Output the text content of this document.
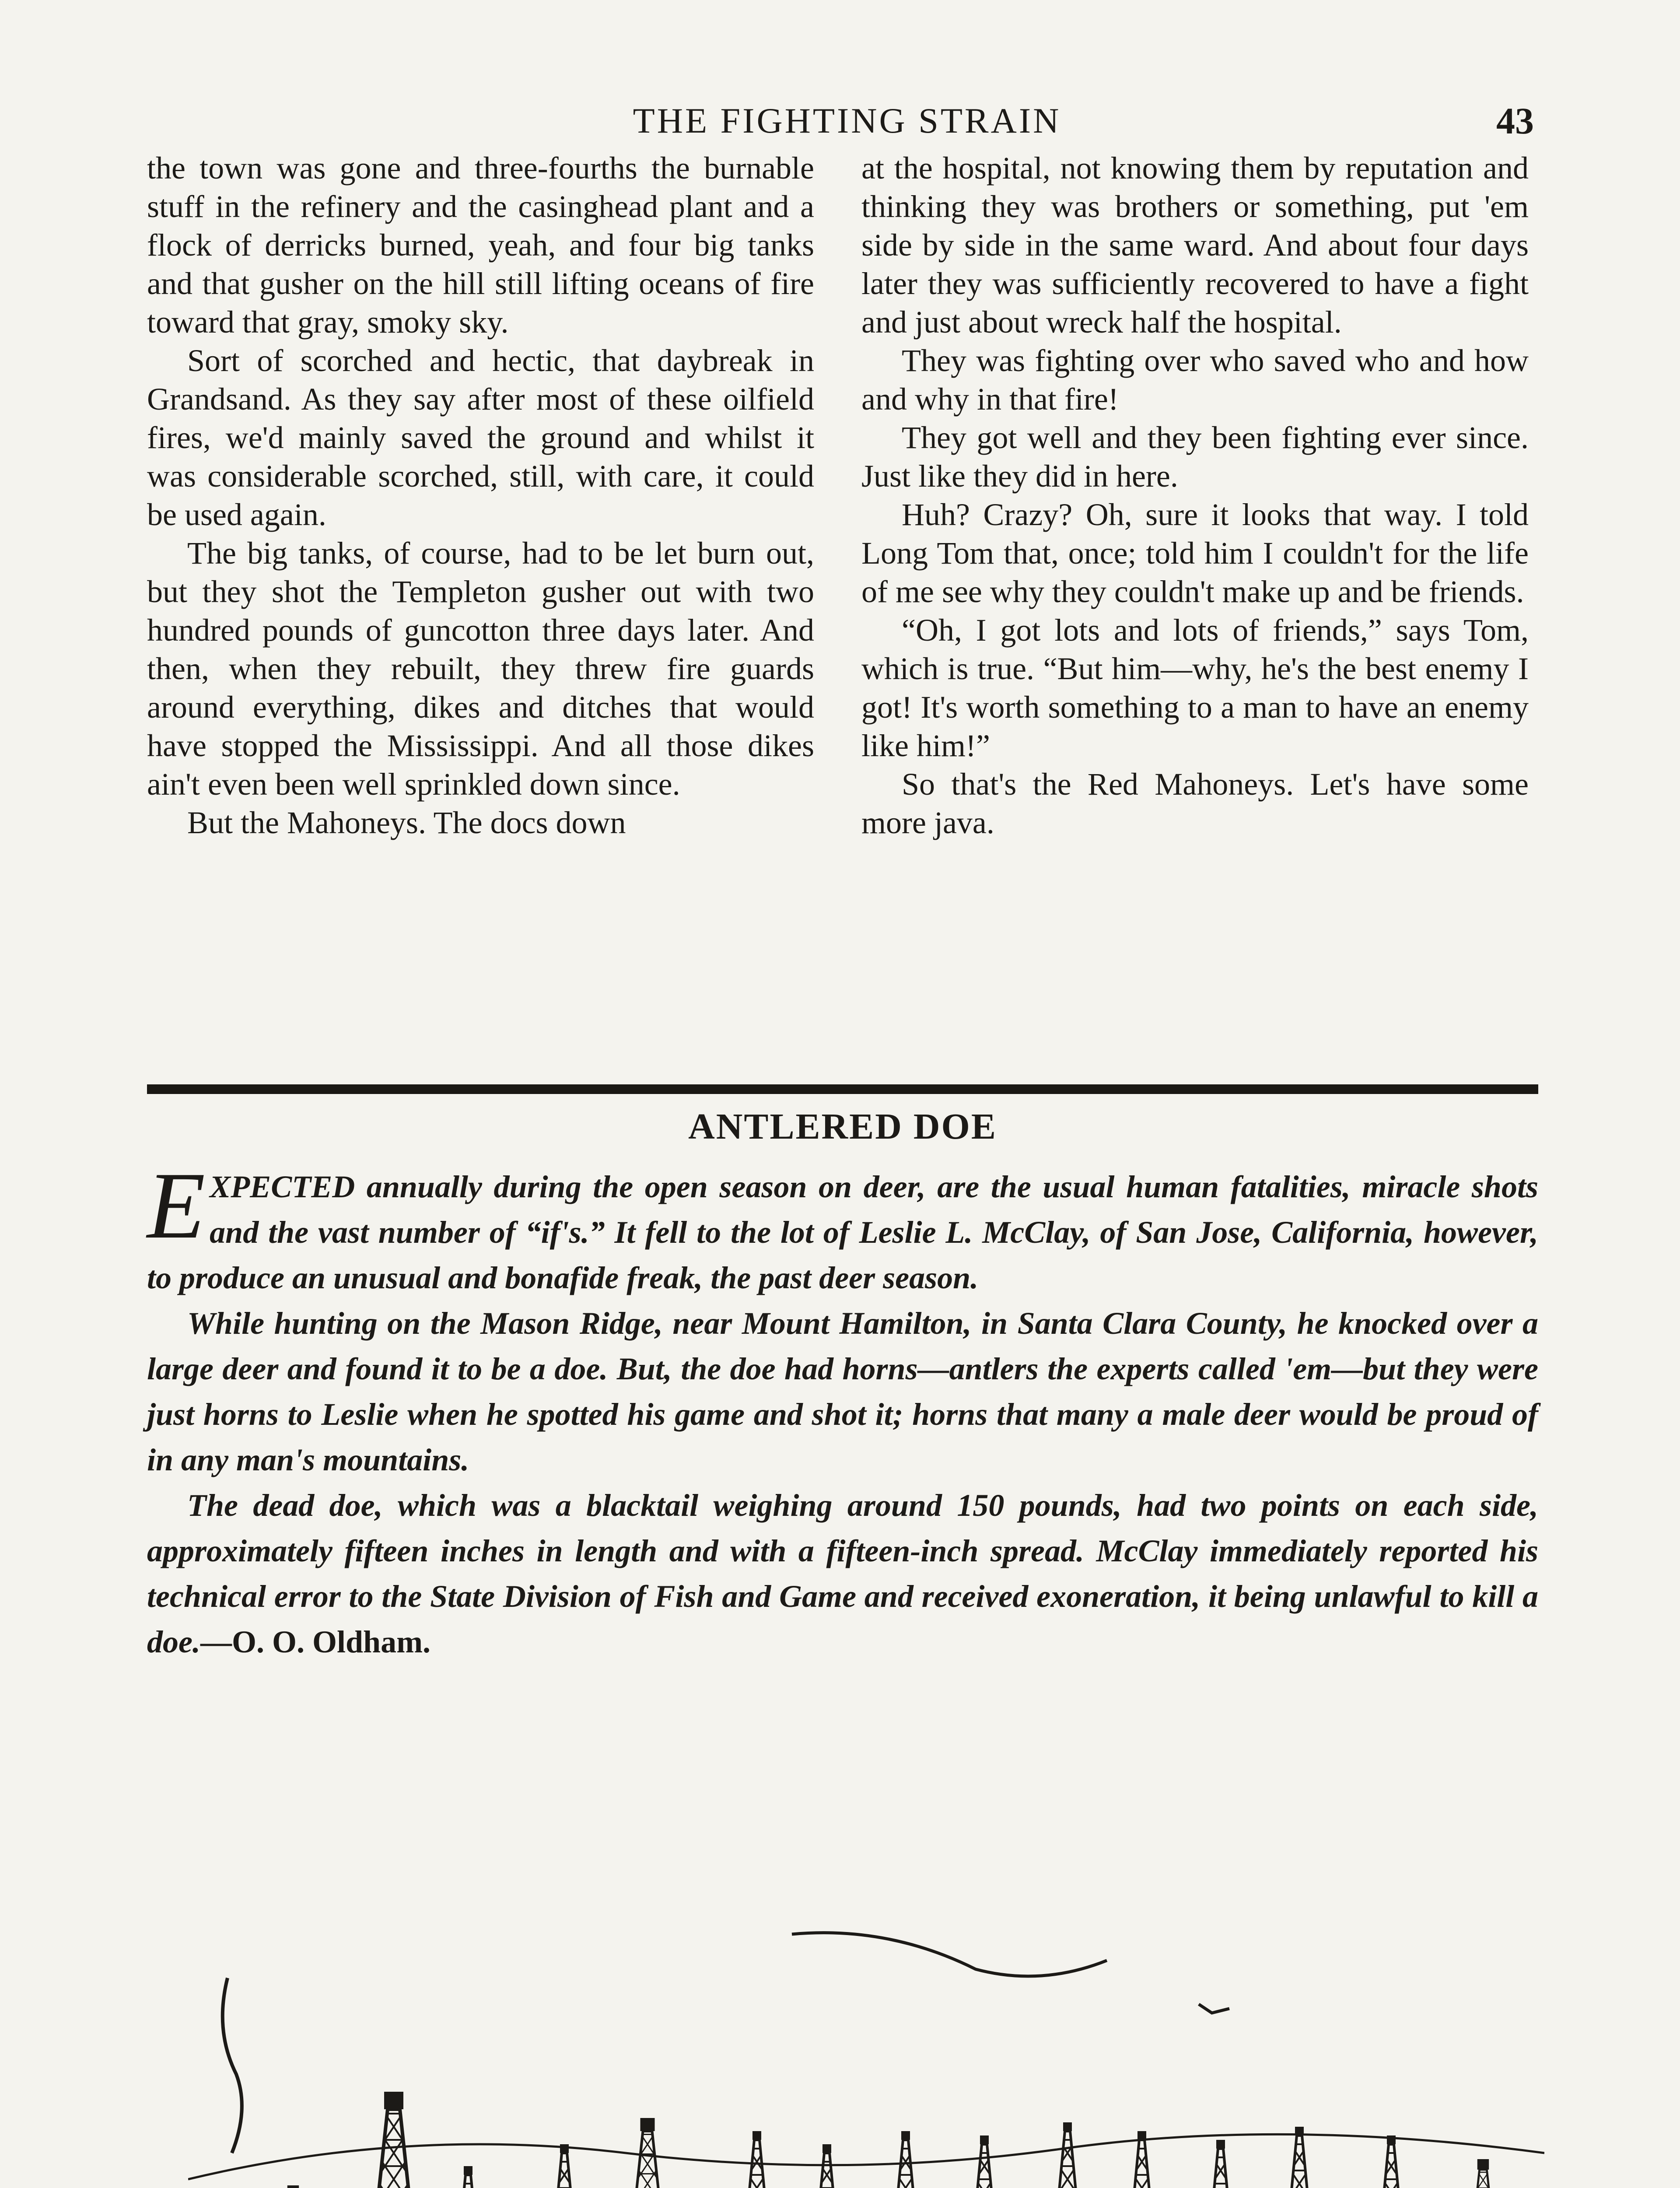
THE FIGHTING STRAIN	43

the town was gone and three-fourths the burnable stuff in the refinery and the casinghead plant and a flock of derricks burned, yeah, and four big tanks and that gusher on the hill still lifting oceans of fire toward that gray, smoky sky.

Sort of scorched and hectic, that daybreak in Grandsand. As they say after most of these oilfield fires, we'd mainly saved the ground and whilst it was considerable scorched, still, with care, it could be used again.

The big tanks, of course, had to be let burn out, but they shot the Templeton gusher out with two hundred pounds of guncotton three days later. And then, when they rebuilt, they threw fire guards around everything, dikes and ditches that would have stopped the Mississippi. And all those dikes ain't even been well sprinkled down since.

But the Mahoneys. The docs down

at the hospital, not knowing them by reputation and thinking they was brothers or something, put 'em side by side in the same ward. And about four days later they was sufficiently recovered to have a fight and just about wreck half the hospital.

They was fighting over who saved who and how and why in that fire!

They got well and they been fighting ever since. Just like they did in here.

Huh? Crazy? Oh, sure it looks that way. I told Long Tom that, once; told him I couldn't for the life of me see why they couldn't make up and be friends.

“Oh, I got lots and lots of friends,” says Tom, which is true. “But him—why, he's the best enemy I got! It's worth something to a man to have an enemy like him!”

So that's the Red Mahoneys. Let's have some more java.

ANTLERED DOE

EXPECTED annually during the open season on deer, are the usual human fatalities, miracle shots and the vast number of “if's.” It fell to the lot of Leslie L. McClay, of San Jose, California, however, to produce an unusual and bonafide freak, the past deer season.

While hunting on the Mason Ridge, near Mount Hamilton, in Santa Clara County, he knocked over a large deer and found it to be a doe. But, the doe had horns—antlers the experts called 'em—but they were just horns to Leslie when he spotted his game and shot it; horns that many a male deer would be proud of in any man's mountains.

The dead doe, which was a blacktail weighing around 150 pounds, had two points on each side, approximately fifteen inches in length and with a fifteen-inch spread. McClay immediately reported his technical error to the State Division of Fish and Game and received exoneration, it being unlawful to kill a doe.—O. O. Oldham.
